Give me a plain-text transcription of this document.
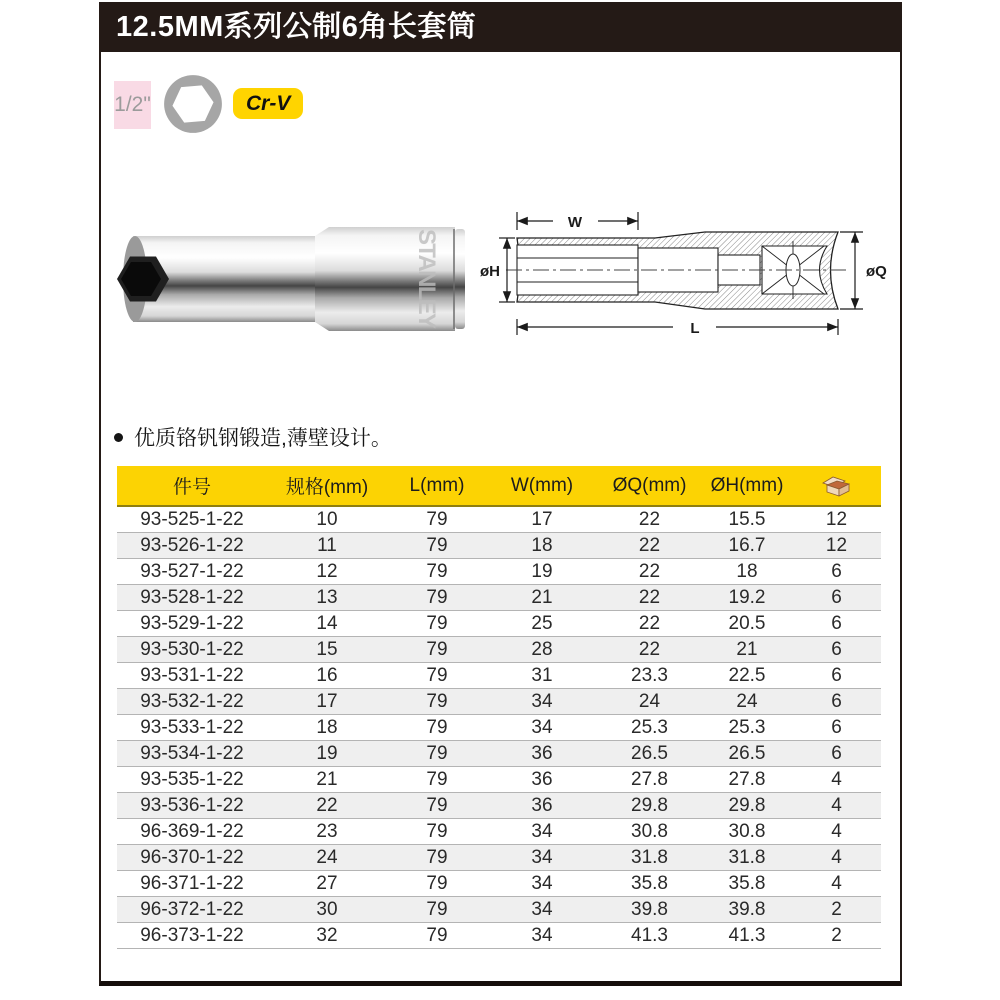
12.5MM系列公制6角长套筒
1/2"	Cr-V
STANLEY
W
L
øH	øQ
优质铬钒钢锻造,薄壁设计。
件号	规格(mm)	L(mm)	W(mm)	ØQ(mm)	ØH(mm)	
93-525-1-22	10	79	17	22	15.5	12
93-526-1-22	11	79	18	22	16.7	12
93-527-1-22	12	79	19	22	18	6
93-528-1-22	13	79	21	22	19.2	6
93-529-1-22	14	79	25	22	20.5	6
93-530-1-22	15	79	28	22	21	6
93-531-1-22	16	79	31	23.3	22.5	6
93-532-1-22	17	79	34	24	24	6
93-533-1-22	18	79	34	25.3	25.3	6
93-534-1-22	19	79	36	26.5	26.5	6
93-535-1-22	21	79	36	27.8	27.8	4
93-536-1-22	22	79	36	29.8	29.8	4
96-369-1-22	23	79	34	30.8	30.8	4
96-370-1-22	24	79	34	31.8	31.8	4
96-371-1-22	27	79	34	35.8	35.8	4
96-372-1-22	30	79	34	39.8	39.8	2
96-373-1-22	32	79	34	41.3	41.3	2
